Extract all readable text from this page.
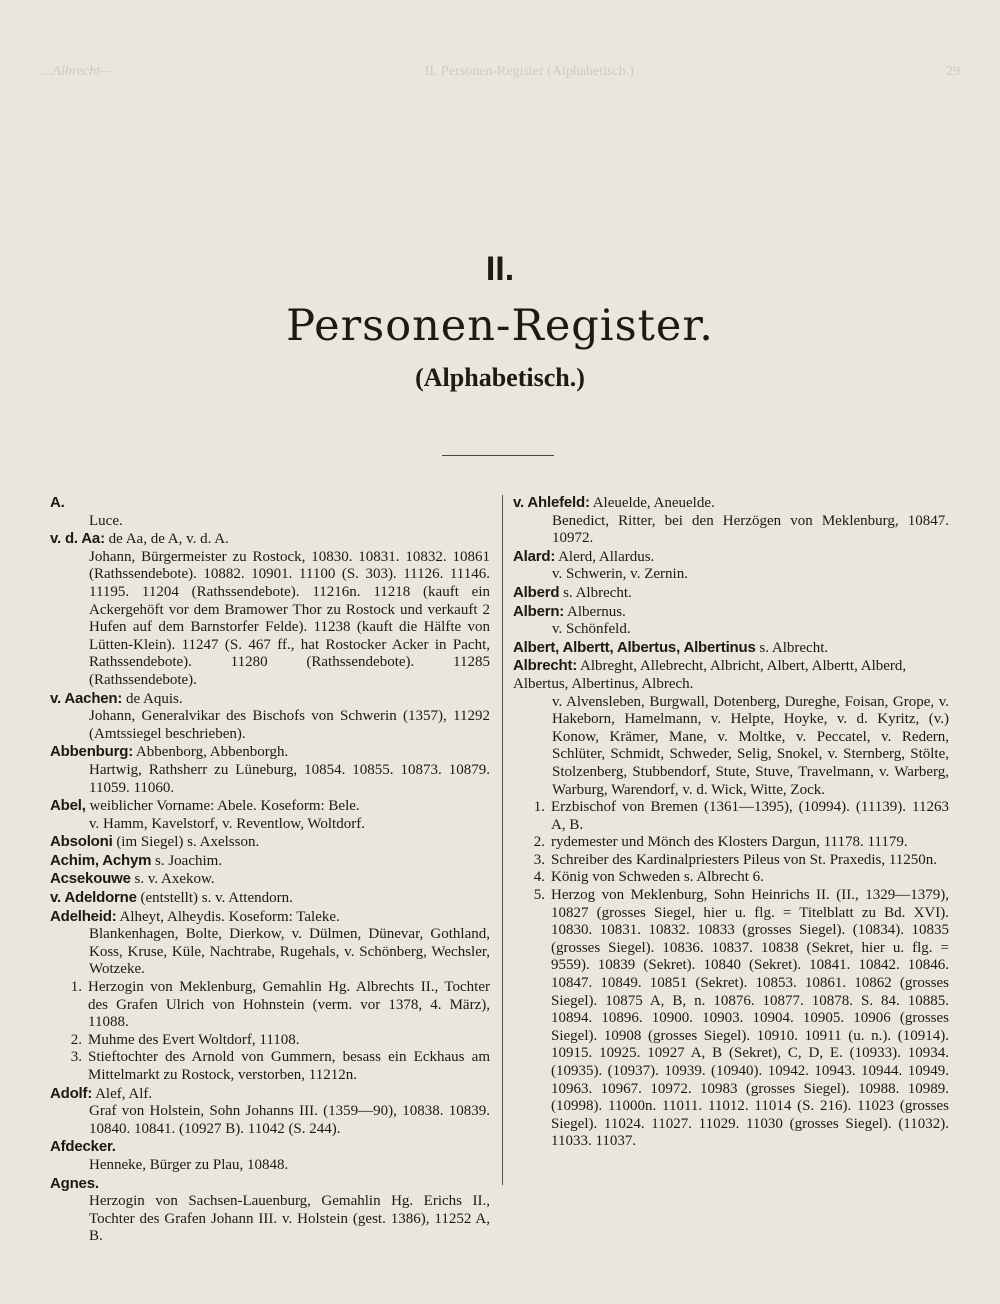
…Albrecht—	II. Personen-Register (Alphabetisch.)	29
II.
Personen-Register.
(Alphabetisch.)
A.
Luce.
v. d. Aa: de Aa, de A, v. d. A.
Johann, Bürgermeister zu Rostock, 10830. 10831. 10832. 10861 (Rathssendebote). 10882. 10901. 11100 (S. 303). 11126. 11146. 11195. 11204 (Rathssendebote). 11216n. 11218 (kauft ein Ackergehöft vor dem Bramower Thor zu Rostock und verkauft 2 Hufen auf dem Barnstorfer Felde). 11238 (kauft die Hälfte von Lütten-Klein). 11247 (S. 467 ff., hat Rostocker Acker in Pacht, Rathssendebote). 11280 (Rathssendebote). 11285 (Rathssendebote).
v. Aachen: de Aquis.
Johann, Generalvikar des Bischofs von Schwerin (1357), 11292 (Amtssiegel beschrieben).
Abbenburg: Abbenborg, Abbenborgh.
Hartwig, Rathsherr zu Lüneburg, 10854. 10855. 10873. 10879. 11059. 11060.
Abel, weiblicher Vorname: Abele. Koseform: Bele.
v. Hamm, Kavelstorf, v. Reventlow, Woltdorf.
Absoloni (im Siegel) s. Axelsson.
Achim, Achym s. Joachim.
Acsekouwe s. v. Axekow.
v. Adeldorne (entstellt) s. v. Attendorn.
Adelheid: Alheyt, Alheydis. Koseform: Taleke.
Blankenhagen, Bolte, Dierkow, v. Dülmen, Dünevar, Gothland, Koss, Kruse, Küle, Nachtrabe, Rugehals, v. Schönberg, Wechsler, Wotzeke.
1. Herzogin von Meklenburg, Gemahlin Hg. Albrechts II., Tochter des Grafen Ulrich von Hohnstein (verm. vor 1378, 4. März), 11088.
2. Muhme des Evert Woltdorf, 11108.
3. Stieftochter des Arnold von Gummern, besass ein Eckhaus am Mittelmarkt zu Rostock, verstorben, 11212n.
Adolf: Alef, Alf.
Graf von Holstein, Sohn Johanns III. (1359—90), 10838. 10839. 10840. 10841. (10927 B). 11042 (S. 244).
Afdecker.
Henneke, Bürger zu Plau, 10848.
Agnes.
Herzogin von Sachsen-Lauenburg, Gemahlin Hg. Erichs II., Tochter des Grafen Johann III. v. Holstein (gest. 1386), 11252 A, B.
v. Ahlefeld: Aleuelde, Aneuelde.
Benedict, Ritter, bei den Herzögen von Meklenburg, 10847. 10972.
Alard: Alerd, Allardus.
v. Schwerin, v. Zernin.
Alberd s. Albrecht.
Albern: Albernus.
v. Schönfeld.
Albert, Albertt, Albertus, Albertinus s. Albrecht.
Albrecht: Albreght, Allebrecht, Albricht, Albert, Albertt, Alberd, Albertus, Albertinus, Albrech.
v. Alvensleben, Burgwall, Dotenberg, Dureghe, Foisan, Grope, v. Hakeborn, Hamelmann, v. Helpte, Hoyke, v. d. Kyritz, (v.) Konow, Krämer, Mane, v. Moltke, v. Peccatel, v. Redern, Schlüter, Schmidt, Schweder, Selig, Snokel, v. Sternberg, Stölte, Stolzenberg, Stubbendorf, Stute, Stuve, Travelmann, v. Warberg, Warburg, Warendorf, v. d. Wick, Witte, Zock.
1. Erzbischof von Bremen (1361—1395), (10994). (11139). 11263 A, B.
2. rydemester und Mönch des Klosters Dargun, 11178. 11179.
3. Schreiber des Kardinalpriesters Pileus von St. Praxedis, 11250n.
4. König von Schweden s. Albrecht 6.
5. Herzog von Meklenburg, Sohn Heinrichs II. (II., 1329—1379), 10827 (grosses Siegel, hier u. flg. = Titelblatt zu Bd. XVI). 10830. 10831. 10832. 10833 (grosses Siegel). (10834). 10835 (grosses Siegel). 10836. 10837. 10838 (Sekret, hier u. flg. = 9559). 10839 (Sekret). 10840 (Sekret). 10841. 10842. 10846. 10847. 10849. 10851 (Sekret). 10853. 10861. 10862 (grosses Siegel). 10875 A, B, n. 10876. 10877. 10878. S. 84. 10885. 10894. 10896. 10900. 10903. 10904. 10905. 10906 (grosses Siegel). 10908 (grosses Siegel). 10910. 10911 (u. n.). (10914). 10915. 10925. 10927 A, B (Sekret), C, D, E. (10933). 10934. (10935). (10937). 10939. (10940). 10942. 10943. 10944. 10949. 10963. 10967. 10972. 10983 (grosses Siegel). 10988. 10989. (10998). 11000n. 11011. 11012. 11014 (S. 216). 11023 (grosses Siegel). 11024. 11027. 11029. 11030 (grosses Siegel). (11032). 11033. 11037.
